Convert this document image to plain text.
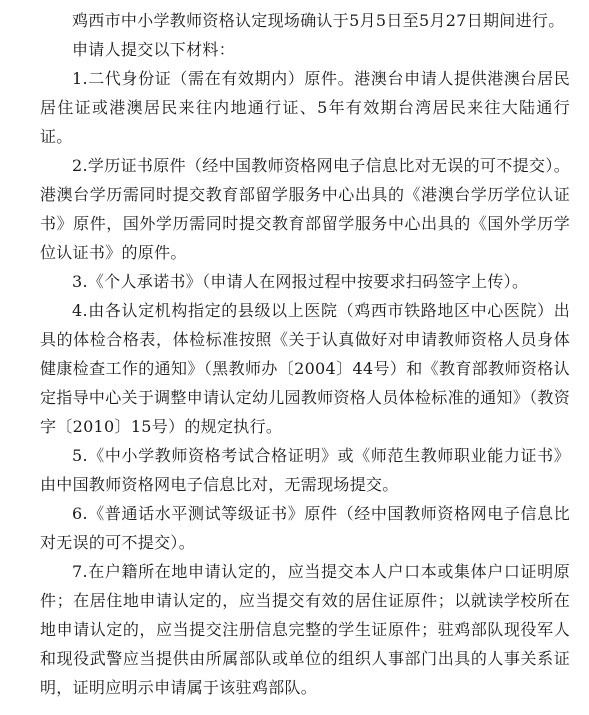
鸡西市中小学教师资格认定现场确认于5月5日至5月27日期间进行。

申请人提交以下材料：

1.二代身份证（需在有效期内）原件。港澳台申请人提供港澳台居民居住证或港澳居民来往内地通行证、5年有效期台湾居民来往大陆通行证。

2.学历证书原件（经中国教师资格网电子信息比对无误的可不提交）。港澳台学历需同时提交教育部留学服务中心出具的《港澳台学历学位认证书》原件，国外学历需同时提交教育部留学服务中心出具的《国外学历学位认证书》的原件。

3.《个人承诺书》（申请人在网报过程中按要求扫码签字上传）。

4.由各认定机构指定的县级以上医院（鸡西市铁路地区中心医院）出具的体检合格表，体检标准按照《关于认真做好对申请教师资格人员身体健康检查工作的通知》（黑教师办〔2004〕44号）和《教育部教师资格认定指导中心关于调整申请认定幼儿园教师资格人员体检标准的通知》（教资字〔2010〕15号）的规定执行。

5.《中小学教师资格考试合格证明》或《师范生教师职业能力证书》由中国教师资格网电子信息比对，无需现场提交。

6.《普通话水平测试等级证书》原件（经中国教师资格网电子信息比对无误的可不提交）。

7.在户籍所在地申请认定的，应当提交本人户口本或集体户口证明原件；在居住地申请认定的，应当提交有效的居住证原件；以就读学校所在地申请认定的，应当提交注册信息完整的学生证原件；驻鸡部队现役军人和现役武警应当提供由所属部队或单位的组织人事部门出具的人事关系证明，证明应明示申请属于该驻鸡部队。
